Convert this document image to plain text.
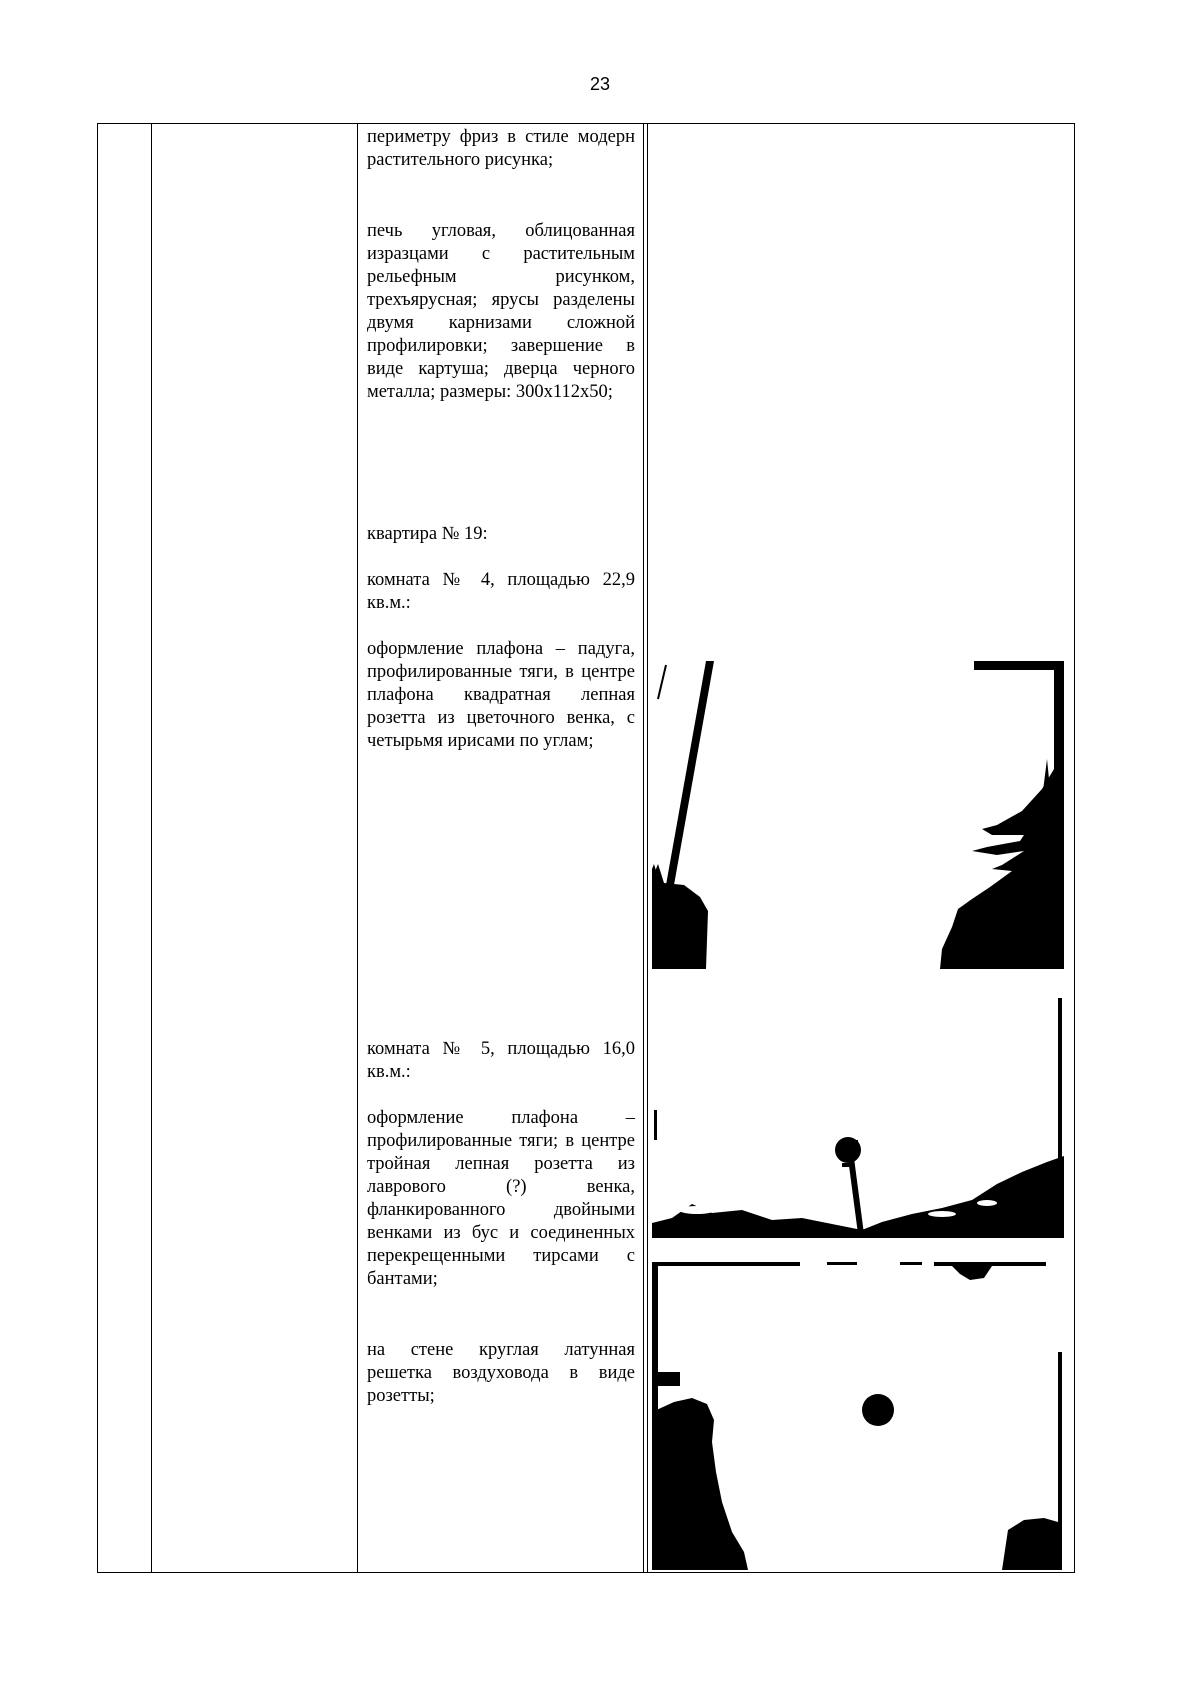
23

периметру фриз в стиле модерн растительного рисунка;

печь угловая, облицованная изразцами с растительным рельефным рисунком, трехъярусная; ярусы разделены двумя карнизами сложной профилировки; завершение в виде картуша; дверца черного металла; размеры: 300х112х50;

квартира № 19:

комната № 4, площадью 22,9 кв.м.:

оформление плафона – падуга, профилированные тяги, в центре плафона квадратная лепная розетта из цветочного венка, с четырьмя ирисами по углам;

комната № 5, площадью 16,0 кв.м.:

оформление плафона – профилированные тяги; в центре тройная лепная розетта из лаврового (?) венка, фланкированного двойными венками из бус и соединенных перекрещенными тирсами с бантами;

на стене круглая латунная решетка воздуховода в виде розетты;
